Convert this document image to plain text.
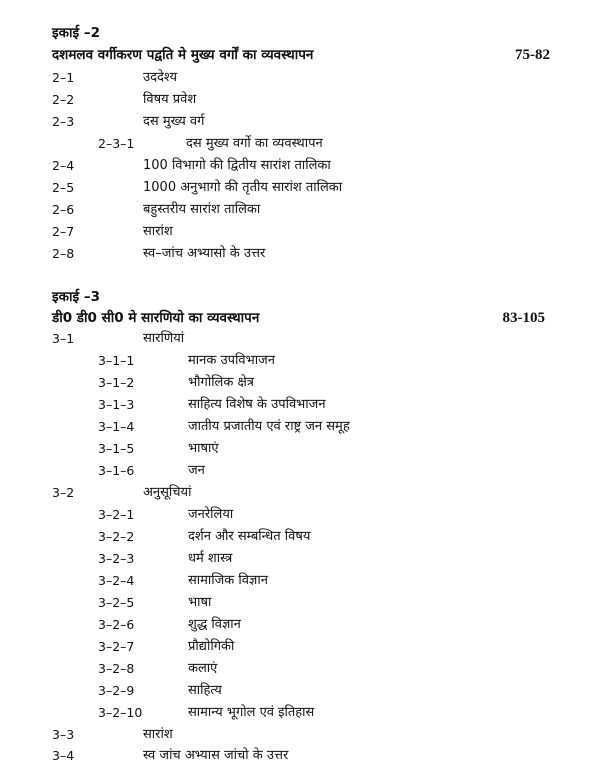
इकाई –2
दशमलव वर्गीकरण पद्वति मे मुख्य वर्गों का व्यवस्थापन	75-82
2–1	उददेश्य
2–2	विषय प्रवेश
2–3	दस मुख्य वर्ग
2–3–1	दस मुख्य वर्गो का व्यवस्थापन
2–4	100 विभागो की द्वितीय सारांश तालिका
2–5	1000 अनुभागो की तृतीय सारांश तालिका
2–6	बहुस्तरीय सारांश तालिका
2–7	सारांश
2–8	स्व–जांच अभ्यासो के उत्तर
इकाई –3
डी0 डी0 सी0 मे सारणियो का व्यवस्थापन	83-105
3–1	सारणियां
3–1–1	मानक उपविभाजन
3–1–2	भौगोलिक क्षेत्र
3–1–3	साहित्य विशेष के उपविभाजन
3–1–4	जातीय प्रजातीय एवं राष्ट्र जन समूह
3–1–5	भाषाएं
3–1–6	जन
3–2	अनुसूचियां
3–2–1	जनरेलिया
3–2–2	दर्शन और सम्बन्धित विषय
3–2–3	धर्म शास्त्र
3–2–4	सामाजिक विज्ञान
3–2–5	भाषा
3–2–6	शुद्ध विज्ञान
3–2–7	प्रौद्योगिकी
3–2–8	कलाएं
3–2–9	साहित्य
3–2–10	सामान्य भूगोल एवं इतिहास
3–3	सारांश
3–4	स्व जांच अभ्यास जांचो के उत्तर
